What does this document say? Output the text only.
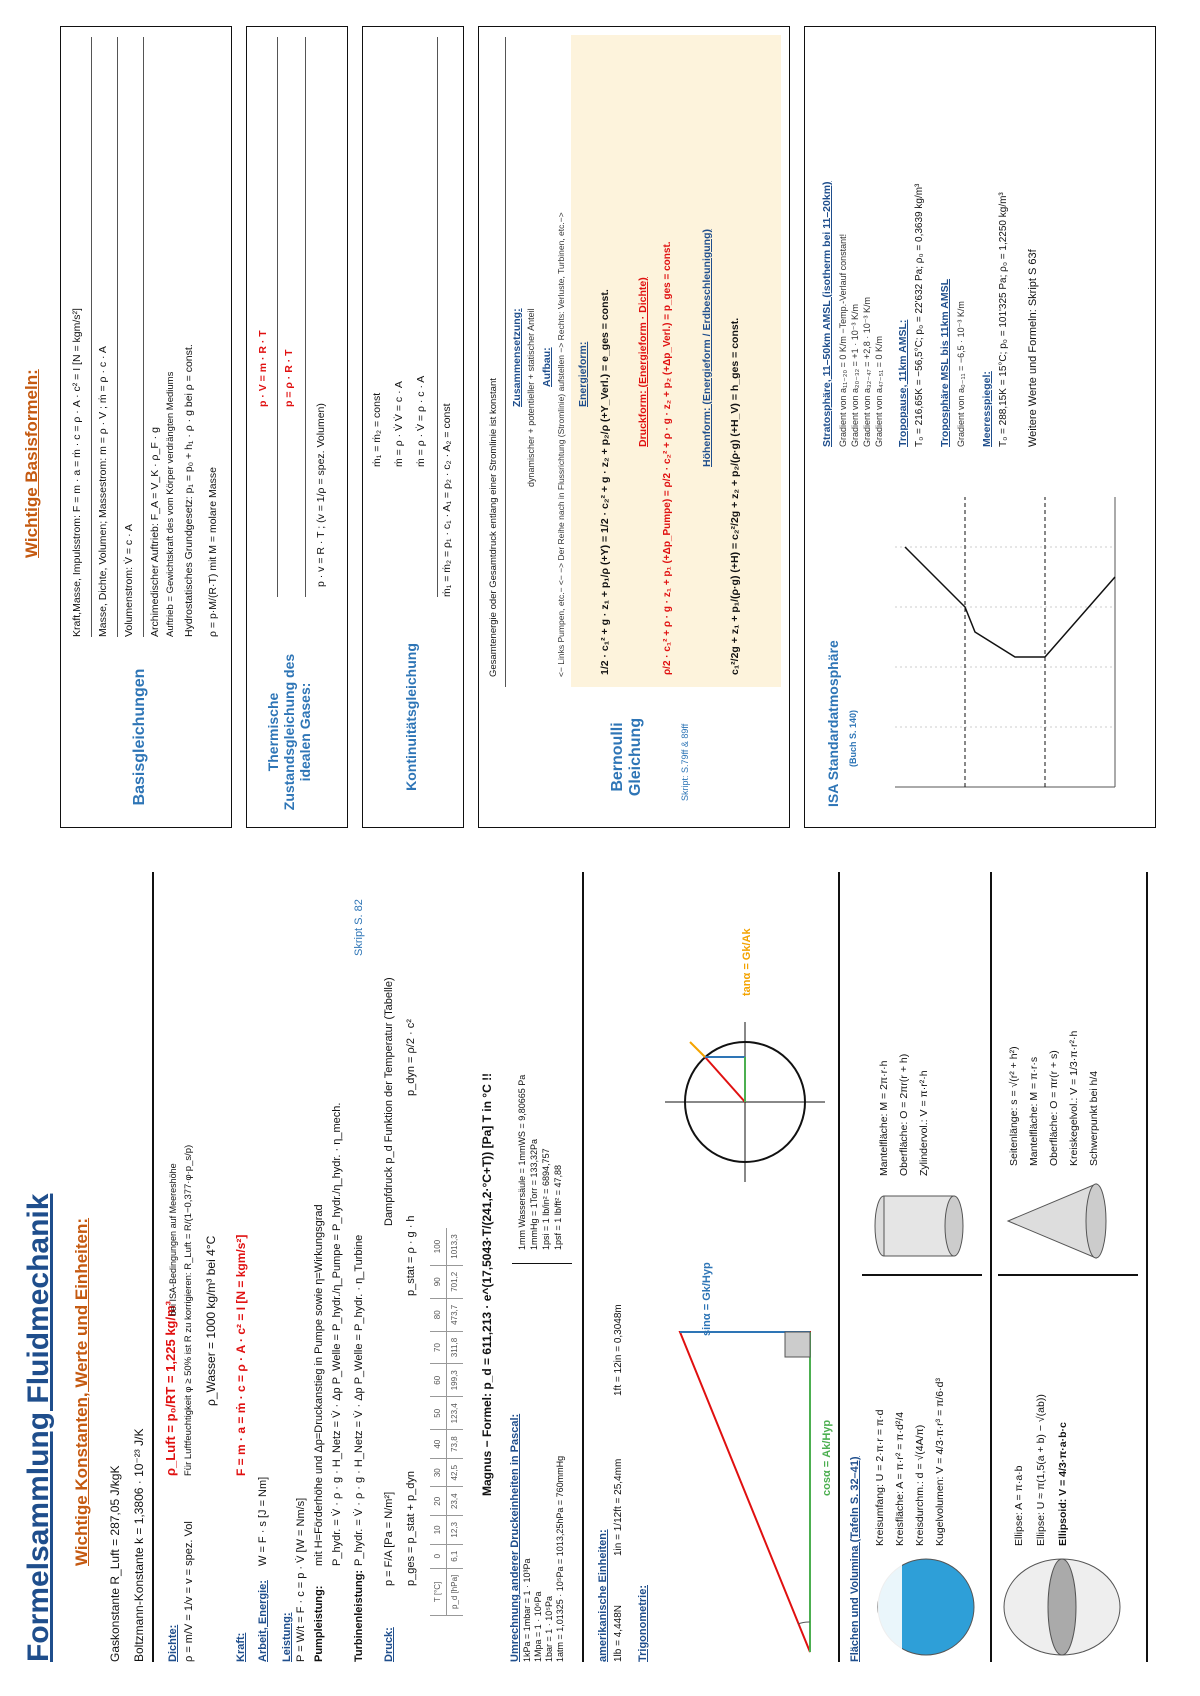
Formelsammlung Fluidmechanik Wichtige Konstanten, Werte und Einheiten: Gaskonstante R_Luft = 287,05 J/kgK Boltzmann-Konstante k = 1,3806 · 10⁻²³ J/K Dichte: ρ = m/V = 1/v = v = spez. Vol
ρ_Luft = p₀/RT = 1,225 kg/m³
bei ISA-Bedingungen auf Meereshöhe Für Luftfeuchtigkeit φ ≥ 50% ist R zu korrigieren: R_Luft = R/(1−0,377·φ·p_s/p) ρ_Wasser = 1000 kg/m³ bei 4°C
Kraft:
F = m · a = ṁ · c = ρ · A · c² = I [N = kgm/s²]
Arbeit, Energie:
W = F · s [J = Nm]
Leistung: P = W/t = F · c = p · V̇ [W = Nm/s] Pumpleistung:
mit H=Förderhöhe und Δp=Druckanstieg in Pumpe sowie η=Wirkungsgrad P_hydr. = V̇ · ρ · g · H_Netz = V̇ · Δp P_Welle = P_hydr./η_Pumpe = P_hydr./η_hydr. · η_mech.
Turbinenleistung:
P_hydr. = V̇ · ρ · g · H_Netz = V̇ · Δp P_Welle = P_hydr. · η_Turbine
Skript S. 82
Druck:
p = F/A [Pa = N/m²]
Dampfdruck p_d Funktion der Temperatur (Tabelle)
p_ges = p_stat + p_dyn
p_stat = ρ · g · h
p_dyn = ρ/2 · c²
T [°C]	0	10	20	30	40	50	60	70	80	90	100
p_d [hPa]	6,1	12,3	23,4	42,5	73,8	123,4	199,3	311,8	473,7	701,2	1013,3 Magnus − Formel: p_d = 611,213 · e^(17,5043·T/(241,2·°C+T)) [Pa] T in °C !!
Umrechnung anderer Druckeinheiten in Pascal: 1kPa = 1mbar = 1 · 10³Pa 1Mpa = 1 · 10⁶Pa 1bar = 1 · 10⁵Pa 1atm = 1,01325 · 10⁵Pa = 1013,25hPa = 760mmHg
1mm Wassersäule = 1mmWS = 9,80665 Pa 1mmHg = 1Torr = 133,32Pa 1psi = 1 lb/in² = 6894,757 1psf = 1 lb/ft² = 47,88
amerikanische Einheiten: 1lb = 4,448N
1in = 1/12ft = 25,4mm
1ft = 12in = 0,3048m
Trigonometrie:
sinα = Gk/Hyp
cosα = Ak/Hyp
tanα = Gk/Ak
Flächen und Volumina (Tafeln S. 32–41)	Kreisumfang: U = 2·π·r = π·d Kreisfläche: A = π·r² = π·d²/4 Kreisdurchm.: d = √(4A/π) Kugelvolumen: V = 4/3·π·r³ = π/6·d³
Mantelfläche: M = 2π·r·h Oberfläche: O = 2πr(r + h) Zylindervol.: V = π·r²·h
Ellipse: A = π·a·b Ellipse: U ≈ π(1,5(a + b) − √(ab)) Ellipsoid: V = 4/3·π·a·b·c
Seitenlänge: s = √(r² + h²) Mantelfläche: M = π·r·s Oberfläche: O = πr(r + s) Kreiskegelvol.: V = 1/3·π·r²·h Schwerpunkt bei h/4
Wichtige Basisformeln:
Basisgleichungen
Kraft,Masse, Impulsstrom: F = m · a = ṁ · c = ρ · A · c² = I [N = kgm/s²] Masse, Dichte, Volumen; Massestrom: m = ρ · V ; ṁ = ρ · c · A Volumenstrom: V̇ = c · A Archimedischer Auftrieb: F_A = V_K · ρ_F · g Auftrieb = Gewichtskraft des vom Körper verdrängten Mediums Hydrostatisches Grundgesetz: p₁ = p₀ + h₁ · ρ · g bei ρ = const. ρ = p·M/(R·T) mit M = molare Masse
Thermische Zustandsgleichung des idealen Gases:
p · V = m · R · T p = ρ · R · T
p · v = R · T ; (v = 1/ρ = spez. Volumen)
Kontinuitätsgleichung
ṁ₁ = ṁ₂ = const ṁ = ρ · V̇ V̇ = c · A ṁ = ρ · V̇ = ρ · c · A ṁ₁ = ṁ₂ = ρ₁ · c₁ · A₁ = ρ₂ · c₂ · A₂ = const
Bernoulli Gleichung	Skript: S.79ff & 89ff
Gesamtenergie oder Gesamtdruck entlang einer Stromlinie ist konstant
Zusammensetzung: dynamischer + potentieller + statischer Anteil Aufbau: <− Links Pumpen, etc.− <− −> Der Reihe nach in Flussrichtung (Stromlinie) aufstellen −> Rechts: Verluste, Turbinen, etc.−> Energieform: 1/2 · c₁² + g · z₁ + p₁/ρ (+Y) = 1/2 · c₂² + g · z₂ + p₂/ρ (+Y_Verl.) = e_ges = const. Druckform: (Energieform · Dichte) ρ/2 · c₁² + ρ · g · z₁ + p₁ (+Δp_Pumpe) = ρ/2 · c₂² + ρ · g · z₂ + p₂ (+Δp_Verl.) = p_ges = const.	Höhenform: (Energieform / Erdbeschleunigung) c₁²/2g + z₁ + p₁/(ρ·g) (+H) = c₂²/2g + z₂ + p₂/(ρ·g) (+H_V) = h_ges = const.
ISA Standardatmosphäre (Buch S. 140)
Stratosphäre, 11–50km AMSL (isotherm bei 11–20km) Gradient von a₁₁₋₂₀ = 0 K/m −Temp.-Verlauf constant! Gradient von a₂₀₋₃₂ = +1 · 10⁻³ K/m Gradient von a₃₂₋₄₇ = +2,8 · 10⁻³ K/m Gradient von a₄₇₋₅₁ = 0 K/m Tropopause, 11km AMSL: T₀ = 216,65K = −56,5°C; p₀ = 22'632 Pa; ρ₀ = 0,3639 kg/m³ Troposphäre MSL bis 11km AMSL Gradient von a₀₋₁₁ = −6,5 · 10⁻³ K/m Meeresspiegel: T₀ = 288,15K = 15°C; p₀ = 101'325 Pa; ρ₀ = 1,2250 kg/m³ Weitere Werte und Formeln: Skript S 63f
